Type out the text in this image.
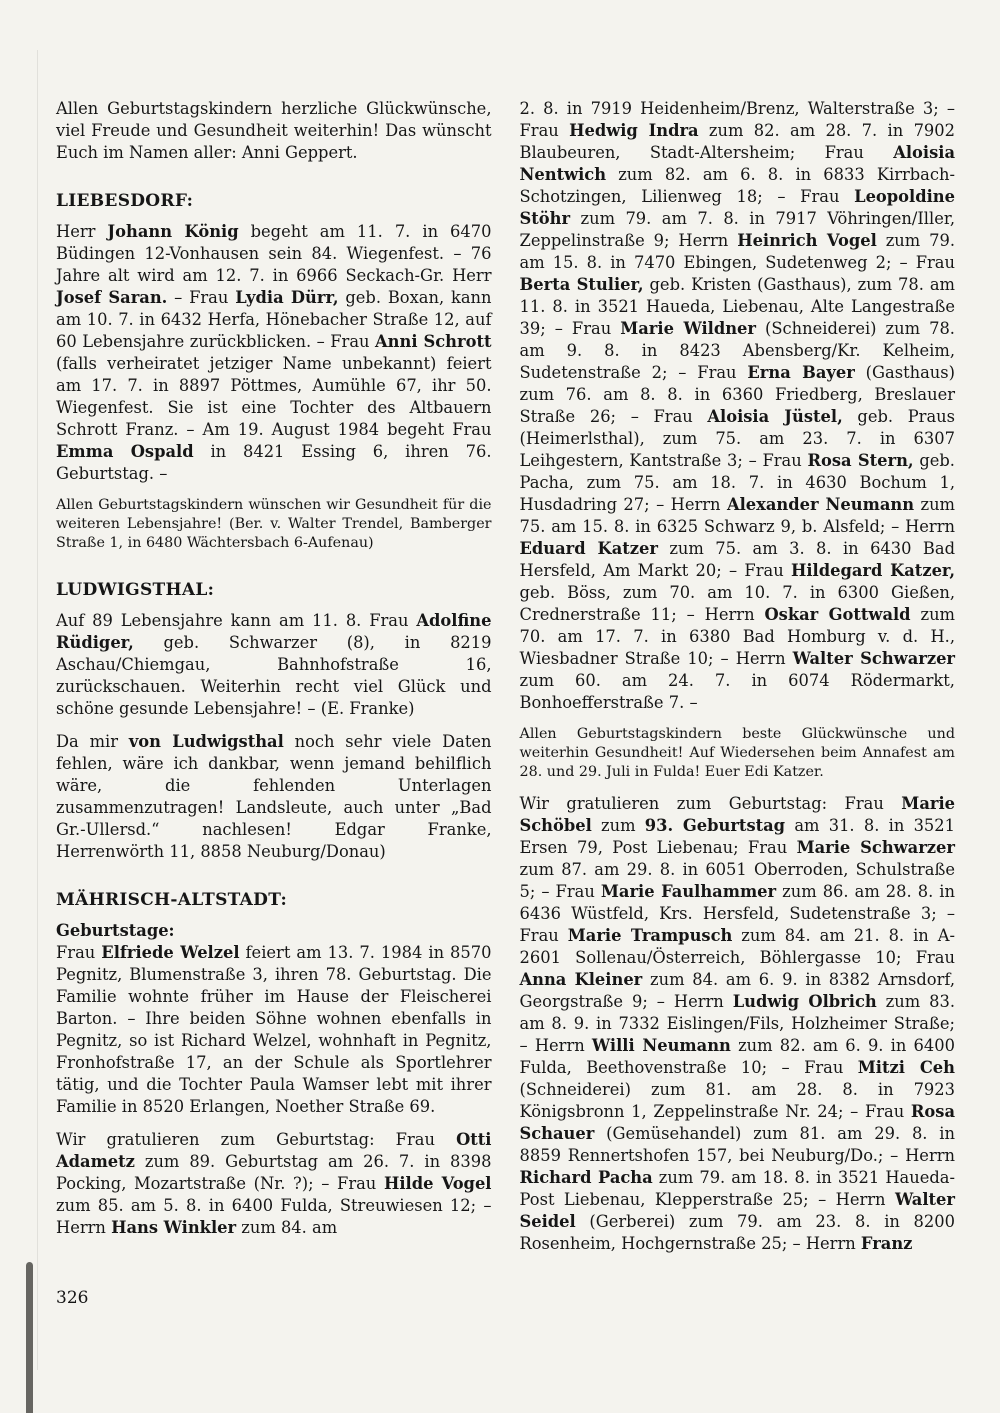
Allen Geburtstagskindern herzliche Glückwünsche, viel Freude und Gesundheit weiterhin! Das wünscht Euch im Namen aller: Anni Geppert.

LIEBESDORF:

Herr Johann König begeht am 11. 7. in 6470 Büdingen 12-Vonhausen sein 84. Wiegenfest. – 76 Jahre alt wird am 12. 7. in 6966 Seckach-Gr. Herr Josef Saran. – Frau Lydia Dürr, geb. Boxan, kann am 10. 7. in 6432 Herfa, Hönebacher Straße 12, auf 60 Lebensjahre zurückblicken. – Frau Anni Schrott (falls verheiratet jetziger Name unbekannt) feiert am 17. 7. in 8897 Pöttmes, Aumühle 67, ihr 50. Wiegenfest. Sie ist eine Tochter des Altbauern Schrott Franz. – Am 19. August 1984 begeht Frau Emma Ospald in 8421 Essing 6, ihren 76. Geburtstag. –

Allen Geburtstagskindern wünschen wir Gesundheit für die weiteren Lebensjahre! (Ber. v. Walter Trendel, Bamberger Straße 1, in 6480 Wächtersbach 6-Aufenau)

LUDWIGSTHAL:

Auf 89 Lebensjahre kann am 11. 8. Frau Adolfine Rüdiger, geb. Schwarzer (8), in 8219 Aschau/Chiemgau, Bahnhofstraße 16, zurückschauen. Weiterhin recht viel Glück und schöne gesunde Lebensjahre! – (E. Franke)

Da mir von Ludwigsthal noch sehr viele Daten fehlen, wäre ich dankbar, wenn jemand behilflich wäre, die fehlenden Unterlagen zusammenzutragen! Landsleute, auch unter „Bad Gr.-Ullersd.“ nachlesen! Edgar Franke, Herrenwörth 11, 8858 Neuburg/Donau)

MÄHRISCH-ALTSTADT:

Geburtstage:

Frau Elfriede Welzel feiert am 13. 7. 1984 in 8570 Pegnitz, Blumenstraße 3, ihren 78. Geburtstag. Die Familie wohnte früher im Hause der Fleischerei Barton. – Ihre beiden Söhne wohnen ebenfalls in Pegnitz, so ist Richard Welzel, wohnhaft in Pegnitz, Fronhofstraße 17, an der Schule als Sportlehrer tätig, und die Tochter Paula Wamser lebt mit ihrer Familie in 8520 Erlangen, Noether Straße 69.

Wir gratulieren zum Geburtstag: Frau Otti Adametz zum 89. Geburtstag am 26. 7. in 8398 Pocking, Mozartstraße (Nr. ?); – Frau Hilde Vogel zum 85. am 5. 8. in 6400 Fulda, Streuwiesen 12; – Herrn Hans Winkler zum 84. am

2. 8. in 7919 Heidenheim/Brenz, Walterstraße 3; – Frau Hedwig Indra zum 82. am 28. 7. in 7902 Blaubeuren, Stadt-Altersheim; Frau Aloisia Nentwich zum 82. am 6. 8. in 6833 Kirrbach-Schotzingen, Lilienweg 18; – Frau Leopoldine Stöhr zum 79. am 7. 8. in 7917 Vöhringen/Iller, Zeppelinstraße 9; Herrn Heinrich Vogel zum 79. am 15. 8. in 7470 Ebingen, Sudetenweg 2; – Frau Berta Stulier, geb. Kristen (Gasthaus), zum 78. am 11. 8. in 3521 Haueda, Liebenau, Alte Langestraße 39; – Frau Marie Wildner (Schneiderei) zum 78. am 9. 8. in 8423 Abensberg/Kr. Kelheim, Sudetenstraße 2; – Frau Erna Bayer (Gasthaus) zum 76. am 8. 8. in 6360 Friedberg, Breslauer Straße 26; – Frau Aloisia Jüstel, geb. Praus (Heimerlsthal), zum 75. am 23. 7. in 6307 Leihgestern, Kantstraße 3; – Frau Rosa Stern, geb. Pacha, zum 75. am 18. 7. in 4630 Bochum 1, Husdadring 27; – Herrn Alexander Neumann zum 75. am 15. 8. in 6325 Schwarz 9, b. Alsfeld; – Herrn Eduard Katzer zum 75. am 3. 8. in 6430 Bad Hersfeld, Am Markt 20; – Frau Hildegard Katzer, geb. Böss, zum 70. am 10. 7. in 6300 Gießen, Crednerstraße 11; – Herrn Oskar Gottwald zum 70. am 17. 7. in 6380 Bad Homburg v. d. H., Wiesbadner Straße 10; – Herrn Walter Schwarzer zum 60. am 24. 7. in 6074 Rödermarkt, Bonhoefferstraße 7. –

Allen Geburtstagskindern beste Glückwünsche und weiterhin Gesundheit! Auf Wiedersehen beim Annafest am 28. und 29. Juli in Fulda! Euer Edi Katzer.

Wir gratulieren zum Geburtstag: Frau Marie Schöbel zum 93. Geburtstag am 31. 8. in 3521 Ersen 79, Post Liebenau; Frau Marie Schwarzer zum 87. am 29. 8. in 6051 Oberroden, Schulstraße 5; – Frau Marie Faulhammer zum 86. am 28. 8. in 6436 Wüstfeld, Krs. Hersfeld, Sudetenstraße 3; – Frau Marie Trampusch zum 84. am 21. 8. in A-2601 Sollenau/Österreich, Böhlergasse 10; Frau Anna Kleiner zum 84. am 6. 9. in 8382 Arnsdorf, Georgstraße 9; – Herrn Ludwig Olbrich zum 83. am 8. 9. in 7332 Eislingen/Fils, Holzheimer Straße; – Herrn Willi Neumann zum 82. am 6. 9. in 6400 Fulda, Beethovenstraße 10; – Frau Mitzi Ceh (Schneiderei) zum 81. am 28. 8. in 7923 Königsbronn 1, Zeppelinstraße Nr. 24; – Frau Rosa Schauer (Gemüsehandel) zum 81. am 29. 8. in 8859 Rennertshofen 157, bei Neuburg/Do.; – Herrn Richard Pacha zum 79. am 18. 8. in 3521 Haueda-Post Liebenau, Klepperstraße 25; – Herrn Walter Seidel (Gerberei) zum 79. am 23. 8. in 8200 Rosenheim, Hochgernstraße 25; – Herrn Franz

326
